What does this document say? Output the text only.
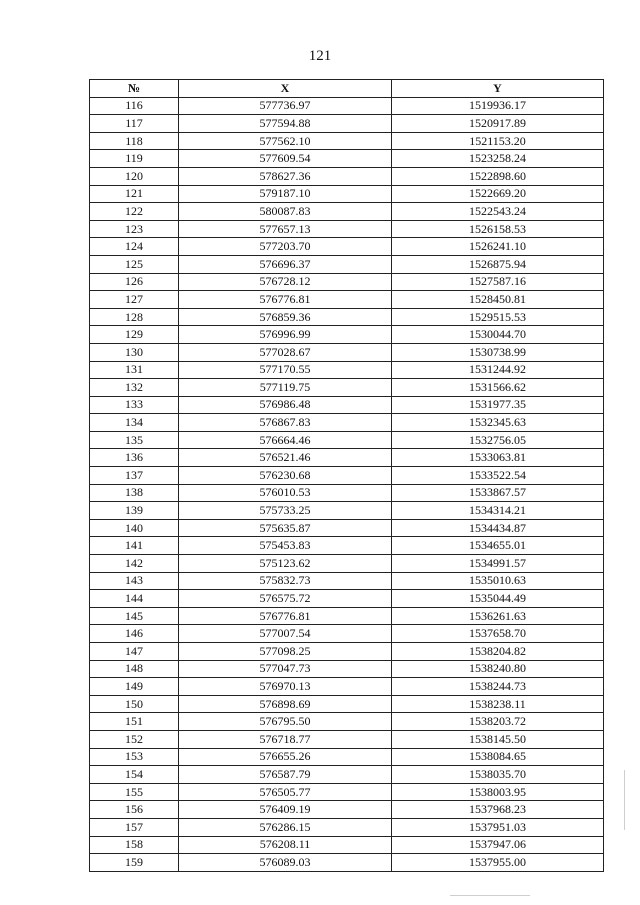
121
№	X	Y
116	577736.97	1519936.17
117	577594.88	1520917.89
118	577562.10	1521153.20
119	577609.54	1523258.24
120	578627.36	1522898.60
121	579187.10	1522669.20
122	580087.83	1522543.24
123	577657.13	1526158.53
124	577203.70	1526241.10
125	576696.37	1526875.94
126	576728.12	1527587.16
127	576776.81	1528450.81
128	576859.36	1529515.53
129	576996.99	1530044.70
130	577028.67	1530738.99
131	577170.55	1531244.92
132	577119.75	1531566.62
133	576986.48	1531977.35
134	576867.83	1532345.63
135	576664.46	1532756.05
136	576521.46	1533063.81
137	576230.68	1533522.54
138	576010.53	1533867.57
139	575733.25	1534314.21
140	575635.87	1534434.87
141	575453.83	1534655.01
142	575123.62	1534991.57
143	575832.73	1535010.63
144	576575.72	1535044.49
145	576776.81	1536261.63
146	577007.54	1537658.70
147	577098.25	1538204.82
148	577047.73	1538240.80
149	576970.13	1538244.73
150	576898.69	1538238.11
151	576795.50	1538203.72
152	576718.77	1538145.50
153	576655.26	1538084.65
154	576587.79	1538035.70
155	576505.77	1538003.95
156	576409.19	1537968.23
157	576286.15	1537951.03
158	576208.11	1537947.06
159	576089.03	1537955.00
